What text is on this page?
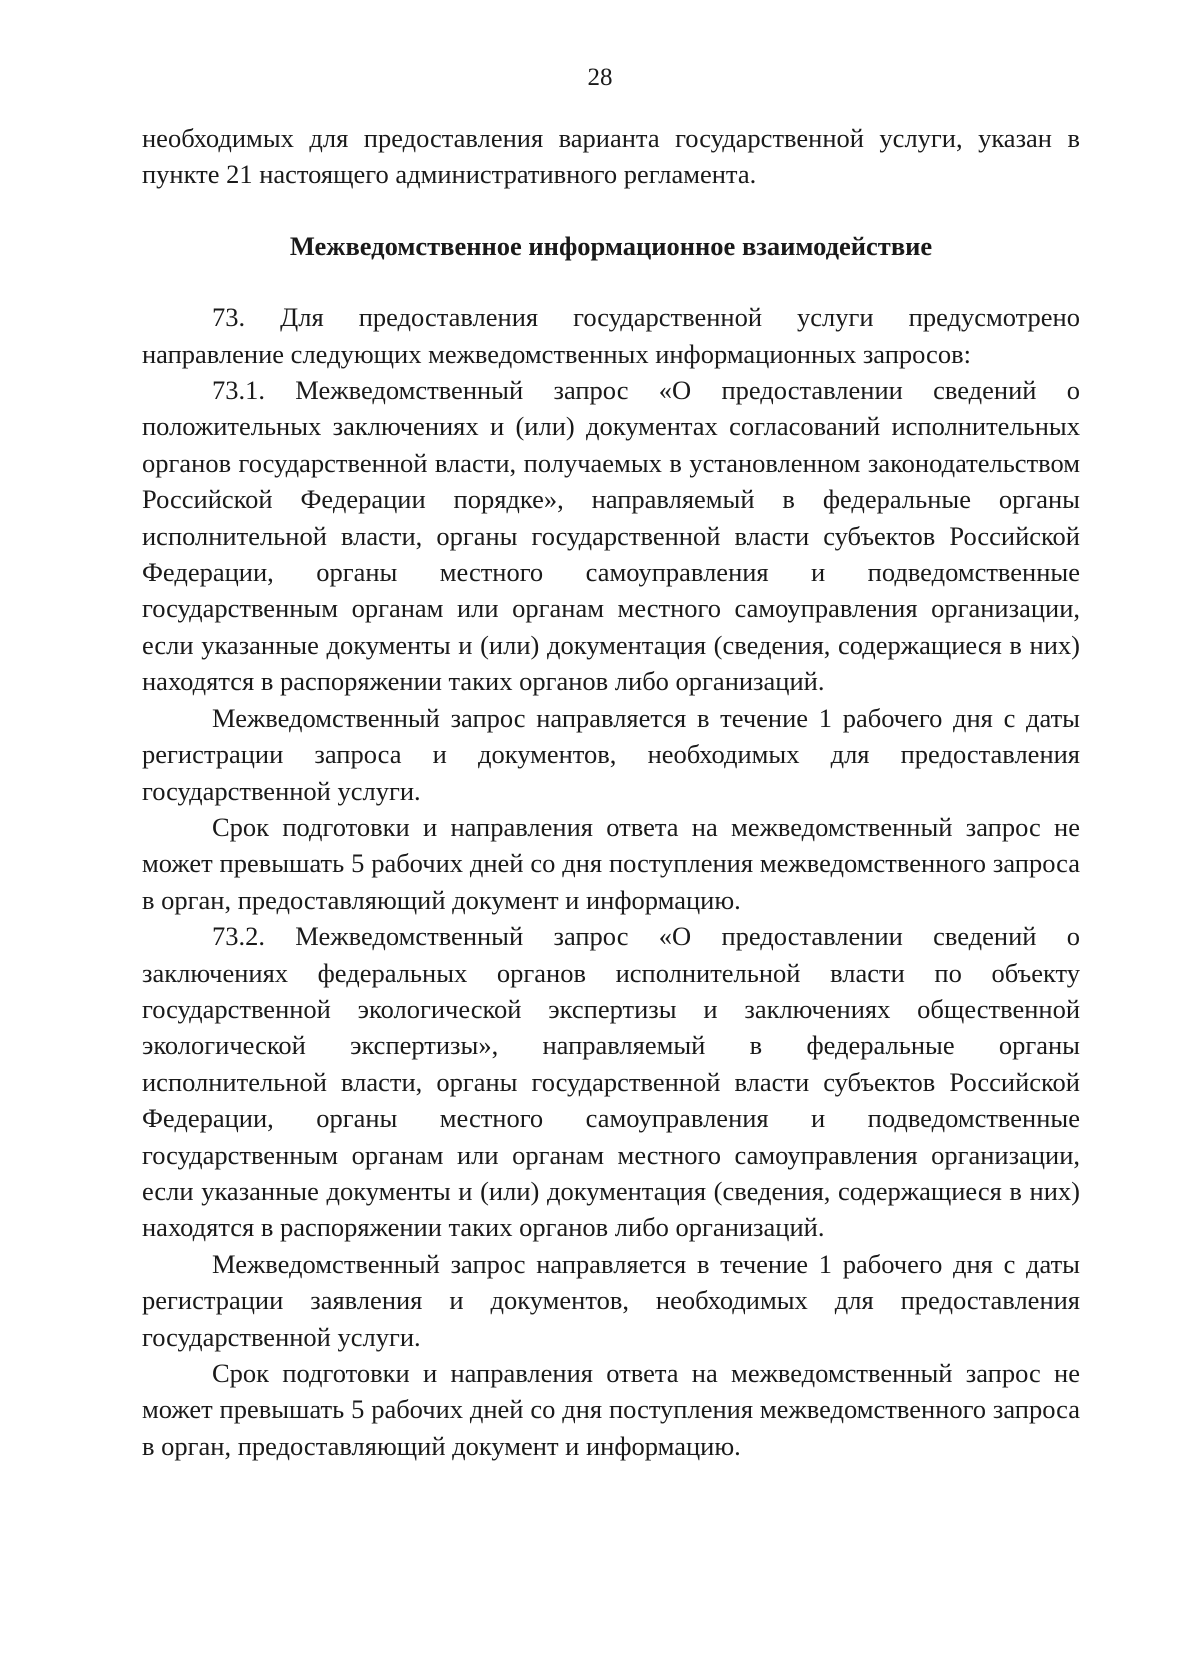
28

необходимых для предоставления варианта государственной услуги, указан в пункте 21 настоящего административного регламента.

Межведомственное информационное взаимодействие

73. Для предоставления государственной услуги предусмотрено направление следующих межведомственных информационных запросов:

73.1. Межведомственный запрос «О предоставлении сведений о положительных заключениях и (или) документах согласований исполнительных органов государственной власти, получаемых в установленном законодательством Российской Федерации порядке», направляемый в федеральные органы исполнительной власти, органы государственной власти субъектов Российской Федерации, органы местного самоуправления и подведомственные государственным органам или органам местного самоуправления организации, если указанные документы и (или) документация (сведения, содержащиеся в них) находятся в распоряжении таких органов либо организаций.

Межведомственный запрос направляется в течение 1 рабочего дня с даты регистрации запроса и документов, необходимых для предоставления государственной услуги.

Срок подготовки и направления ответа на межведомственный запрос не может превышать 5 рабочих дней со дня поступления межведомственного запроса в орган, предоставляющий документ и информацию.

73.2. Межведомственный запрос «О предоставлении сведений о заключениях федеральных органов исполнительной власти по объекту государственной экологической экспертизы и заключениях общественной экологической экспертизы», направляемый в федеральные органы исполнительной власти, органы государственной власти субъектов Российской Федерации, органы местного самоуправления и подведомственные государственным органам или органам местного самоуправления организации, если указанные документы и (или) документация (сведения, содержащиеся в них) находятся в распоряжении таких органов либо организаций.

Межведомственный запрос направляется в течение 1 рабочего дня с даты регистрации заявления и документов, необходимых для предоставления государственной услуги.

Срок подготовки и направления ответа на межведомственный запрос не может превышать 5 рабочих дней со дня поступления межведомственного запроса в орган, предоставляющий документ и информацию.
